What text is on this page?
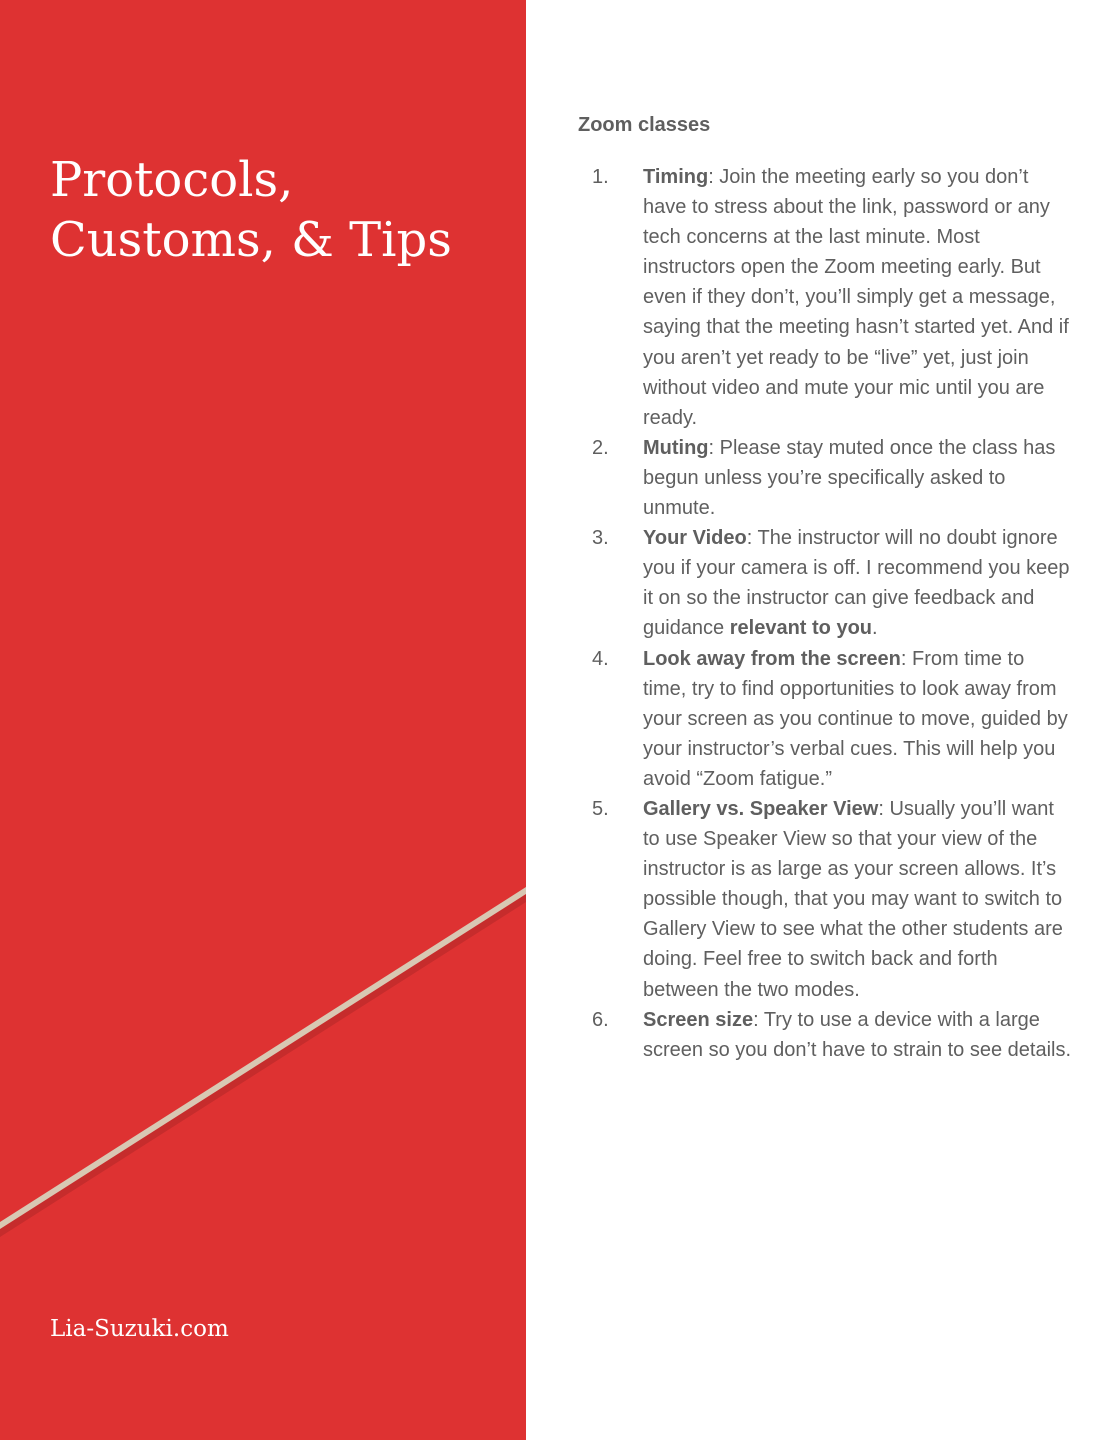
Protocols,
Customs, & Tips
Lia-Suzuki.com
Zoom classes
1. Timing: Join the meeting early so you don’t have to stress about the link, password or any tech concerns at the last minute. Most instructors open the Zoom meeting early. But even if they don’t, you’ll simply get a message, saying that the meeting hasn’t started yet. And if you aren’t yet ready to be “live” yet, just join without video and mute your mic until you are ready.
2. Muting: Please stay muted once the class has begun unless you’re specifically asked to unmute.
3. Your Video: The instructor will no doubt ignore you if your camera is off. I recommend you keep it on so the instructor can give feedback and guidance relevant to you.
4. Look away from the screen: From time to time, try to find opportunities to look away from your screen as you continue to move, guided by your instructor’s verbal cues. This will help you avoid “Zoom fatigue.”
5. Gallery vs. Speaker View: Usually you’ll want to use Speaker View so that your view of the instructor is as large as your screen allows. It’s possible though, that you may want to switch to Gallery View to see what the other students are doing. Feel free to switch back and forth between the two modes.
6. Screen size: Try to use a device with a large screen so you don’t have to strain to see details.
